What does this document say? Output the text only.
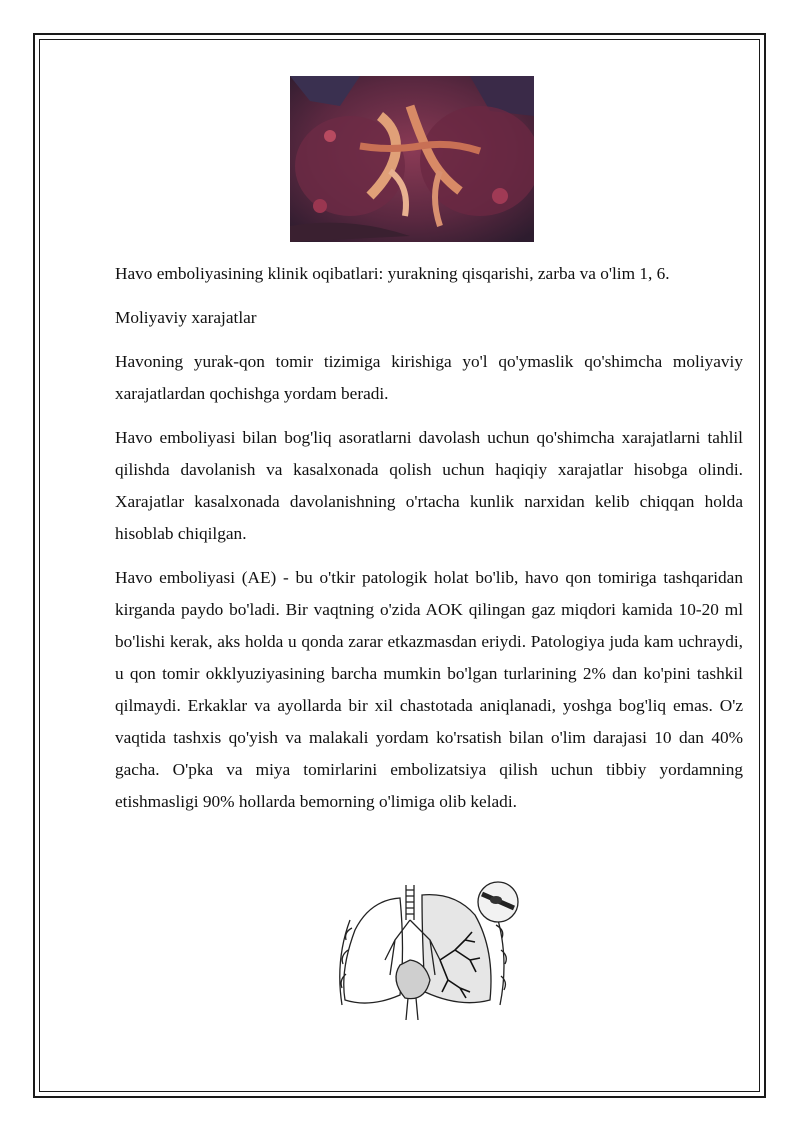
Havo emboliyasining klinik oqibatlari: yurakning qisqarishi, zarba va o'lim 1, 6.

Moliyaviy xarajatlar

Havoning yurak-qon tomir tizimiga kirishiga yo'l qo'ymaslik qo'shimcha moliyaviy xarajatlardan qochishga yordam beradi.

Havo emboliyasi bilan bog'liq asoratlarni davolash uchun qo'shimcha xarajatlarni tahlil qilishda davolanish va kasalxonada qolish uchun haqiqiy xarajatlar hisobga olindi. Xarajatlar kasalxonada davolanishning o'rtacha kunlik narxidan kelib chiqqan holda hisoblab chiqilgan.

Havo emboliyasi (AE) - bu o'tkir patologik holat bo'lib, havo qon tomiriga tashqaridan kirganda paydo bo'ladi. Bir vaqtning o'zida AOK qilingan gaz miqdori kamida 10-20 ml bo'lishi kerak, aks holda u qonda zarar etkazmasdan eriydi. Patologiya juda kam uchraydi, u qon tomir okklyuziyasining barcha mumkin bo'lgan turlarining 2% dan ko'pini tashkil qilmaydi. Erkaklar va ayollarda bir xil chastotada aniqlanadi, yoshga bog'liq emas. O'z vaqtida tashxis qo'yish va malakali yordam ko'rsatish bilan o'lim darajasi 10 dan 40% gacha. O'pka va miya tomirlarini embolizatsiya qilish uchun tibbiy yordamning etishmasligi 90% hollarda bemorning o'limiga olib keladi.
